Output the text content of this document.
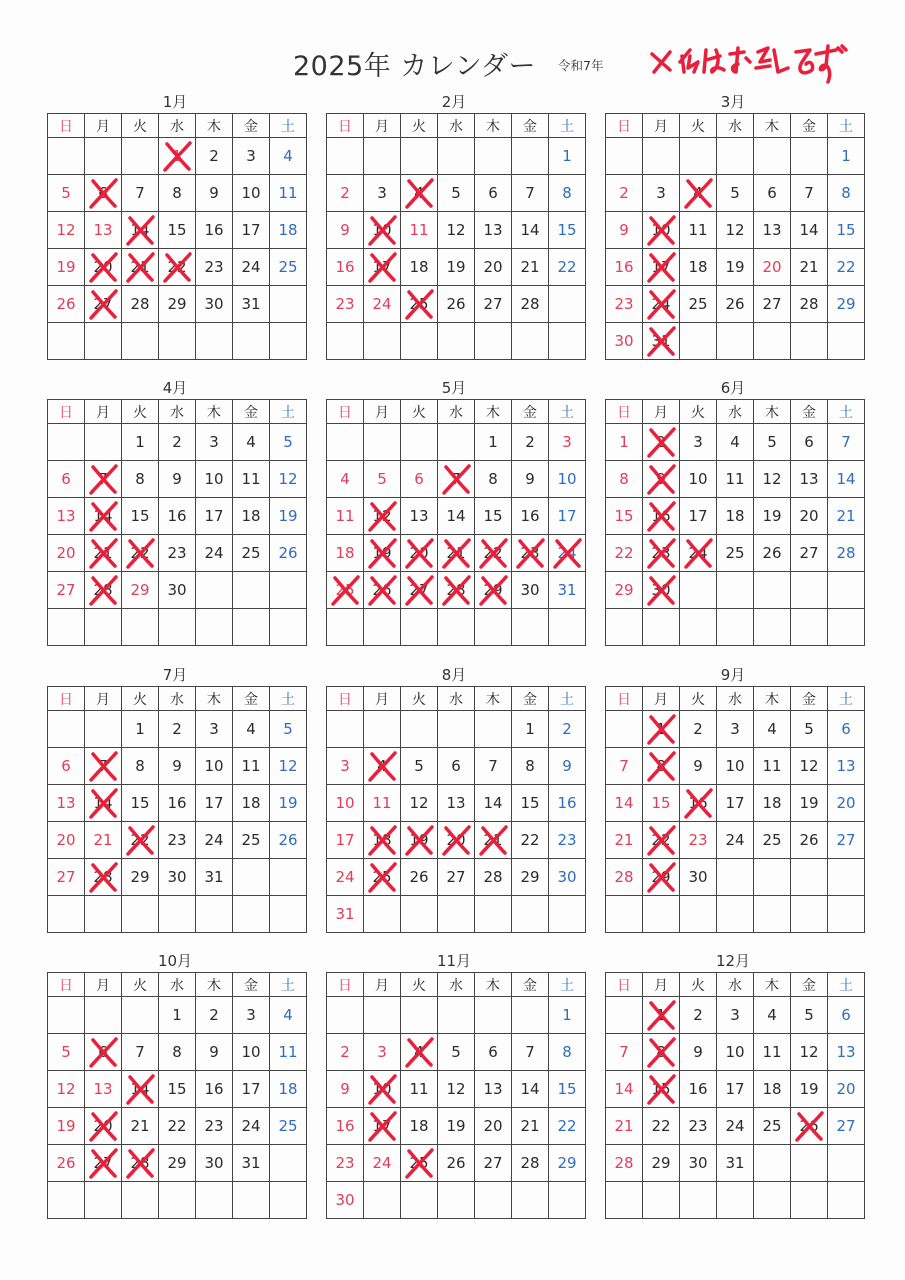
2025年 カレンダー 令和7年
1月
日	月	火	水	木	金	土
			1	2	3	4
5	6	7	8	9	10	11
12	13	14	15	16	17	18
19	20	21	22	23	24	25
26	27	28	29	30	31	

2月
日	月	火	水	木	金	土
						1
2	3	4	5	6	7	8
9	10	11	12	13	14	15
16	17	18	19	20	21	22
23	24	25	26	27	28	

3月
日	月	火	水	木	金	土
						1
2	3	4	5	6	7	8
9	10	11	12	13	14	15
16	17	18	19	20	21	22
23	24	25	26	27	28	29
30	31

4月
日	月	火	水	木	金	土
		1	2	3	4	5
6	7	8	9	10	11	12
13	14	15	16	17	18	19
20	21	22	23	24	25	26
27	28	29	30			

5月
日	月	火	水	木	金	土
				1	2	3
4	5	6	7	8	9	10
11	12	13	14	15	16	17
18	19	20	21	22	23	24

25	26	27	28	29	30	31

6月
日	月	火	水	木	金	土
1	2	3	4	5	6	7
8	9	10	11	12	13	14
15	16	17	18	19	20	21
22	23	24	25	26	27	28
29	30

7月
日	月	火	水	木	金	土
		1	2	3	4	5
6	7	8	9	10	11	12
13	14	15	16	17	18	19
20	21	22	23	24	25	26
27	28	29	30	31		

8月
日	月	火	水	木	金	土
					1	2
3	4	5	6	7	8	9
10	11	12	13	14	15	16
17	18	19	20	21	22	23
24	25	26	27	28	29	30
31						
9月
日	月	火	水	木	金	土
	1	2	3	4	5	6
7	8	9	10	11	12	13
14	15	16	17	18	19	20
21	22	23	24	25	26	27
28	29	30				

10月
日	月	火	水	木	金	土
			1	2	3	4
5	6	7	8	9	10	11
12	13	14	15	16	17	18
19	20	21	22	23	24	25
26	27	28	29	30	31	

11月
日	月	火	水	木	金	土
						1
2	3	4	5	6	7	8
9	10	11	12	13	14	15
16	17	18	19	20	21	22
23	24	25	26	27	28	29
30						
12月
日	月	火	水	木	金	土
	1	2	3	4	5	6
7	8	9	10	11	12	13
14	15	16	17	18	19	20
21	22	23	24	25	26	27
28	29	30	31			
